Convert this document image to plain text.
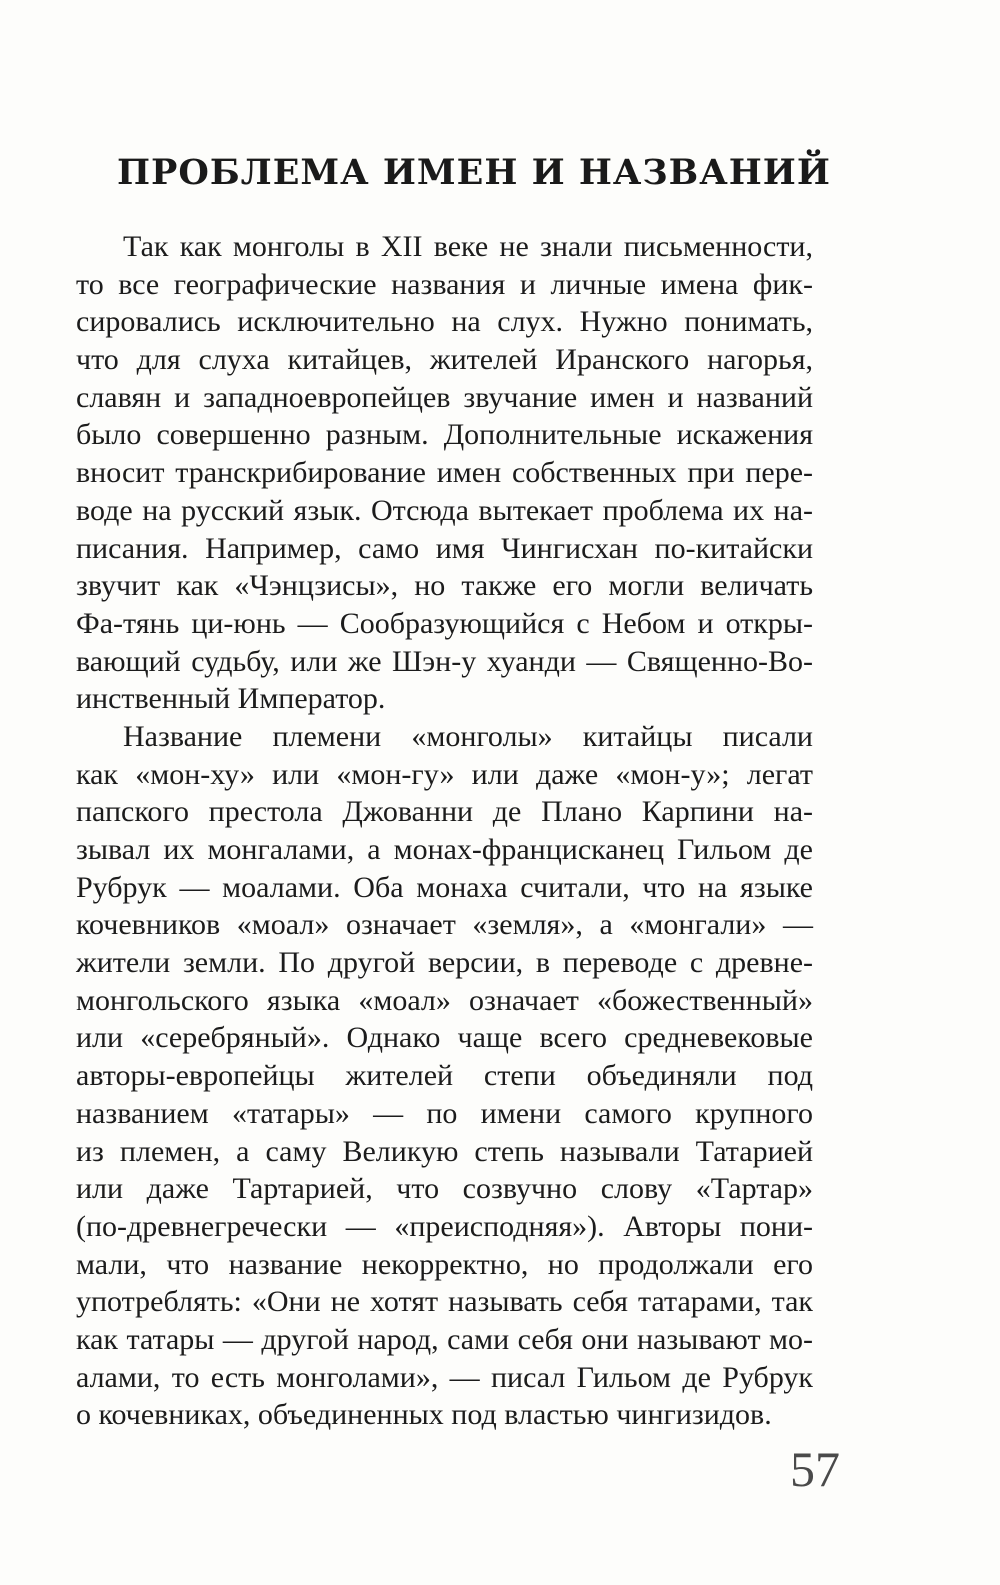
ПРОБЛЕМА ИМЕН И НАЗВАНИЙ

Так как монголы в XII веке не знали письменности,
то все географические названия и личные имена фик-
сировались исключительно на слух. Нужно понимать,
что для слуха китайцев, жителей Иранского нагорья,
славян и западноевропейцев звучание имен и названий
было совершенно разным. Дополнительные искажения
вносит транскрибирование имен собственных при пере-
воде на русский язык. Отсюда вытекает проблема их на-
писания. Например, само имя Чингисхан по-китайски
звучит как «Чэнцзисы», но также его могли величать
Фа-тянь ци-юнь — Сообразующийся с Небом и откры-
вающий судьбу, или же Шэн-у хуанди — Священно-Во-
инственный Император.

Название племени «монголы» китайцы писали
как «мон-ху» или «мон-гу» или даже «мон-у»; легат
папского престола Джованни де Плано Карпини на-
зывал их монгалами, а монах-францисканец Гильом де
Рубрук — моалами. Оба монаха считали, что на языке
кочевников «моал» означает «земля», а «монгали» —
жители земли. По другой версии, в переводе с древне-
монгольского языка «моал» означает «божественный»
или «серебряный». Однако чаще всего средневековые
авторы-европейцы жителей степи объединяли под
названием «татары» — по имени самого крупного
из племен, а саму Великую степь называли Татарией
или даже Тартарией, что созвучно слову «Тартар»
(по-древнегречески — «преисподняя»). Авторы пони-
мали, что название некорректно, но продолжали его
употреблять: «Они не хотят называть себя татарами, так
как татары — другой народ, сами себя они называют мо-
алами, то есть монголами», — писал Гильом де Рубрук
о кочевниках, объединенных под властью чингизидов.

57
